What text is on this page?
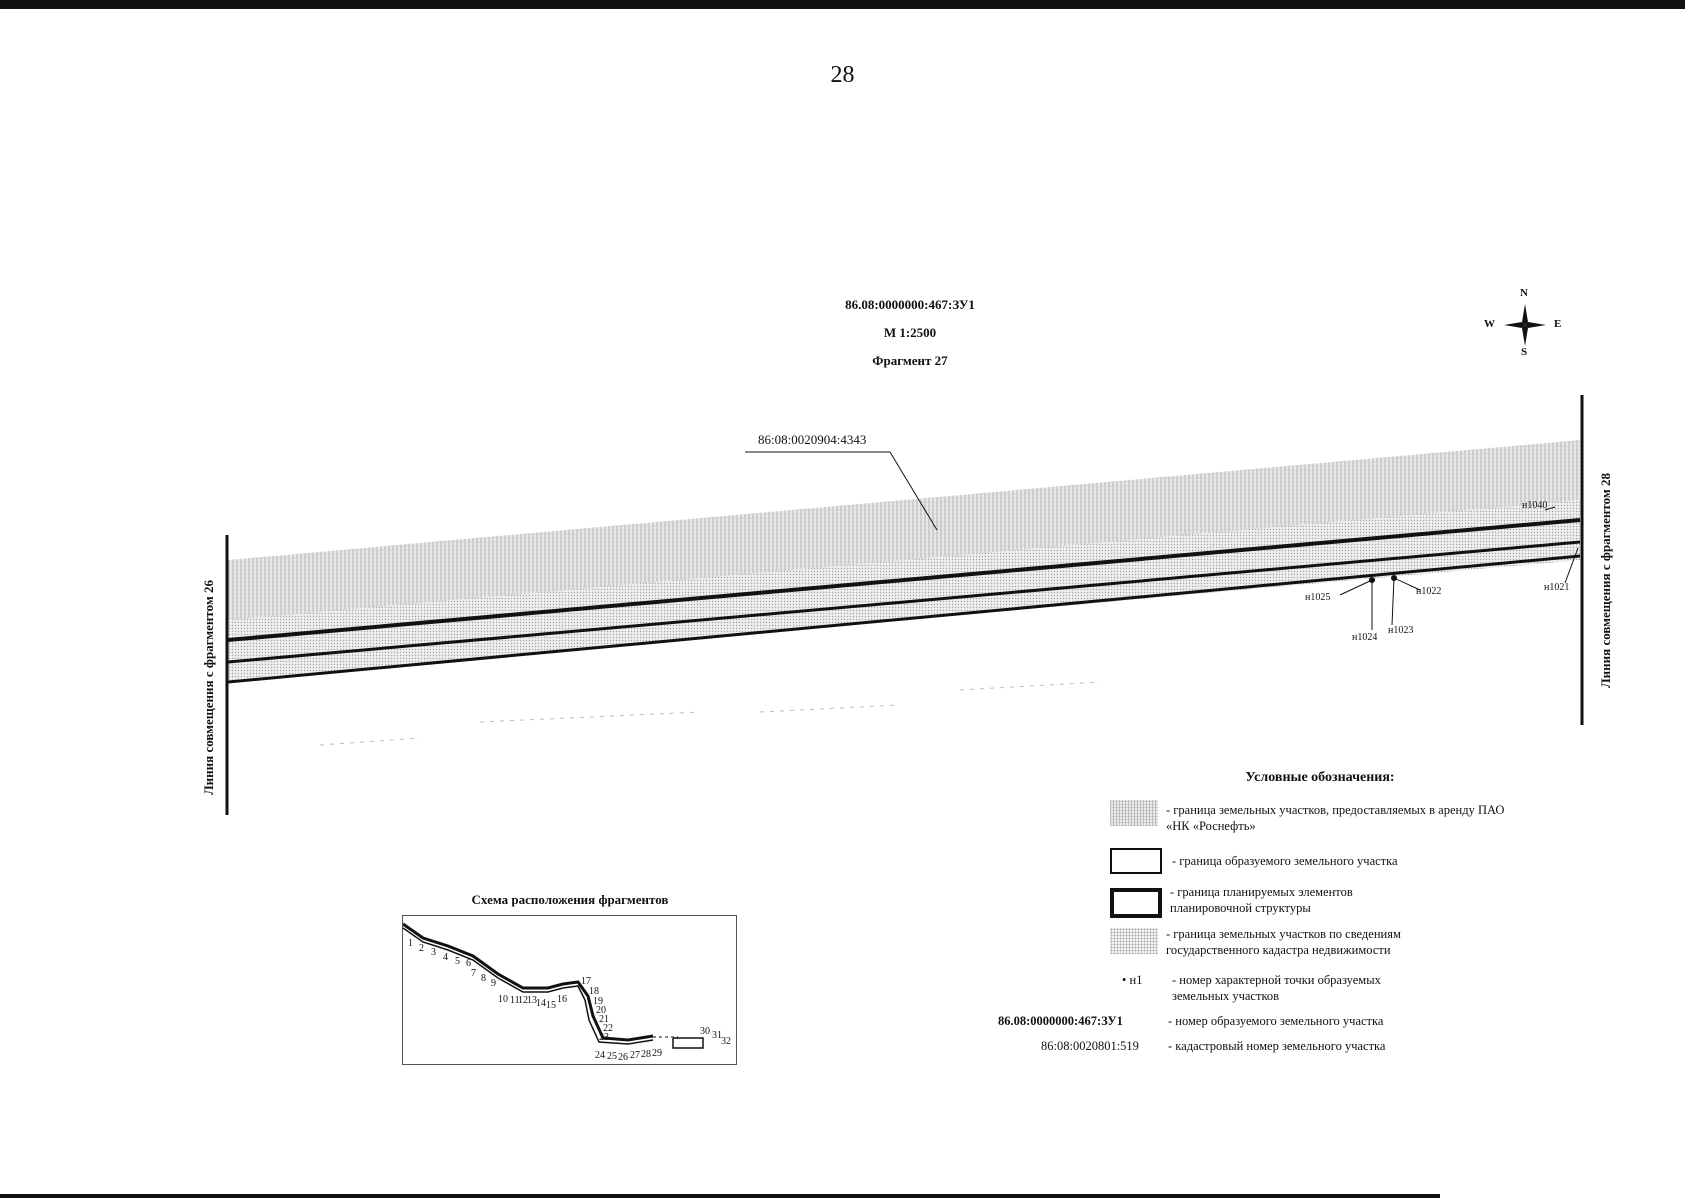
28
86.08:0000000:467:ЗУ1
М 1:2500
Фрагмент 27
N
S
W	E
86:08:0020904:4343
н1040
н1025
н1022	н1021
н1024
н1023
Линия совмещения с фрагментом 26	Линия совмещения с фрагментом 28
Условные обозначения:
- граница земельных участков, предоставляемых в аренду ПАО «НК «Роснефть»
- граница образуемого земельного участка
- граница планируемых элементов планировочной структуры
- граница земельных участков по сведениям государственного кадастра недвижимости
• н1 - номер характерной точки образуемых земельных участков
86.08:0000000:467:ЗУ1	- номер образуемого земельного участка
86:08:0020801:519 - кадастровый номер земельного участка
Схема расположения фрагментов
1 2 3 4 5 6
7 8 9
10 11
12 13 14 15
16
17
18
19
20
21
22
23
24 25 26 27 28 29
30 31
32
